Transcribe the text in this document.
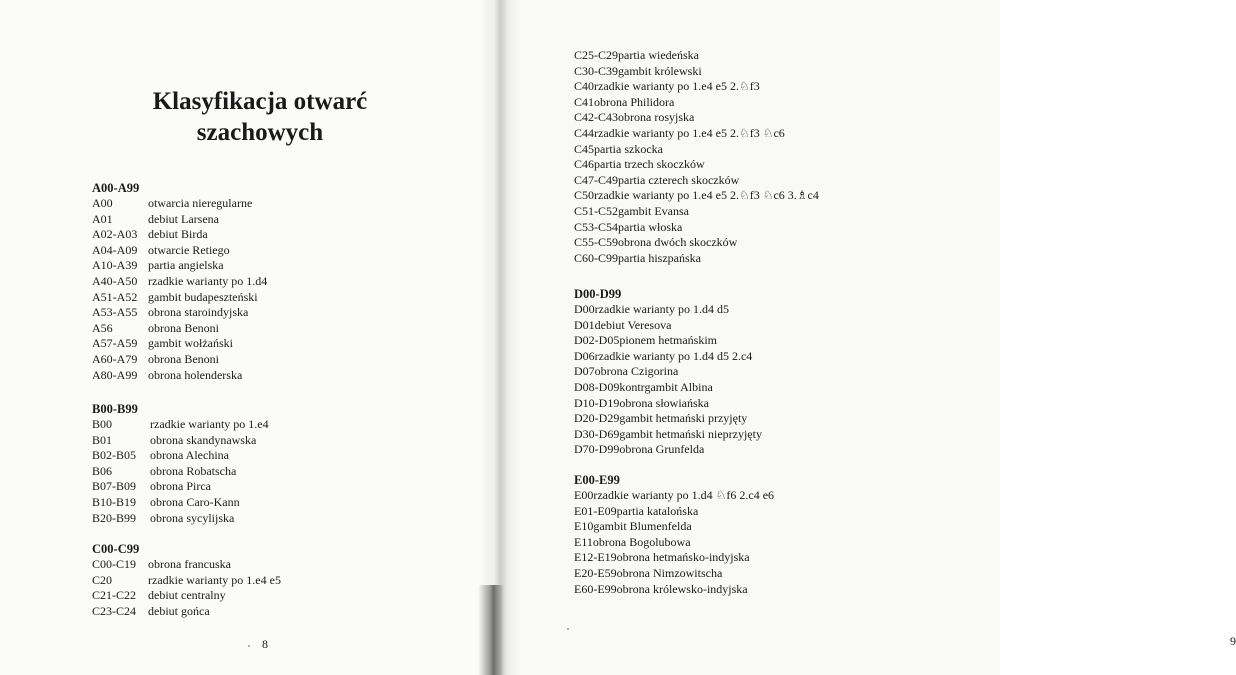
Klasyfikacja otwarć
szachowych
A00-A99
A00	otwarcia nieregularne
A01	debiut Larsena
A02-A03 debiut Birda
A04-A09 otwarcie Retiego
A10-A39 partia angielska
A40-A50 rzadkie warianty po 1.d4
A51-A52 gambit budapeszteński
A53-A55 obrona staroindyjska
A56	obrona Benoni
A57-A59 gambit wołżański
A60-A79 obrona Benoni
A80-A99 obrona holenderska
B00-B99
B00	rzadkie warianty po 1.e4
B01	obrona skandynawska
B02-B05	obrona Alechina
B06	obrona Robatscha
B07-B09	obrona Pirca
B10-B19	obrona Caro-Kann
B20-B99	obrona sycylijska
C00-C99
C00-C19 obrona francuska
C20	rzadkie warianty po 1.e4 e5
C21-C22 debiut centralny
C23-C24 debiut gońca
8	9
C25-C29 partia wiedeńska
C30-C39 gambit królewski
C40 rzadkie warianty po 1.e4 e5 2.♘f3
C41 obrona Philidora
C42-C43 obrona rosyjska
C44 rzadkie warianty po 1.e4 e5 2.♘f3 ♘c6
C45 partia szkocka
C46 partia trzech skoczków
C47-C49 partia czterech skoczków
C50 rzadkie warianty po 1.e4 e5 2.♘f3 ♘c6 3.♗c4
C51-C52 gambit Evansa
C53-C54 partia włoska
C55-C59 obrona dwóch skoczków
C60-C99 partia hiszpańska
D00-D99
D00 rzadkie warianty po 1.d4 d5
D01 debiut Veresova
D02-D05 pionem hetmańskim
D06 rzadkie warianty po 1.d4 d5 2.c4
D07 obrona Czigorina
D08-D09 kontrgambit Albina
D10-D19 obrona słowiańska
D20-D29 gambit hetmański przyjęty
D30-D69 gambit hetmański nieprzyjęty
D70-D99 obrona Grunfelda
E00-E99
E00 rzadkie warianty po 1.d4 ♘f6 2.c4 e6
E01-E09 partia katalońska
E10 gambit Blumenfelda
E11 obrona Bogolubowa
E12-E19 obrona hetmańsko-indyjska
E20-E59 obrona Nimzowitscha
E60-E99 obrona królewsko-indyjska
